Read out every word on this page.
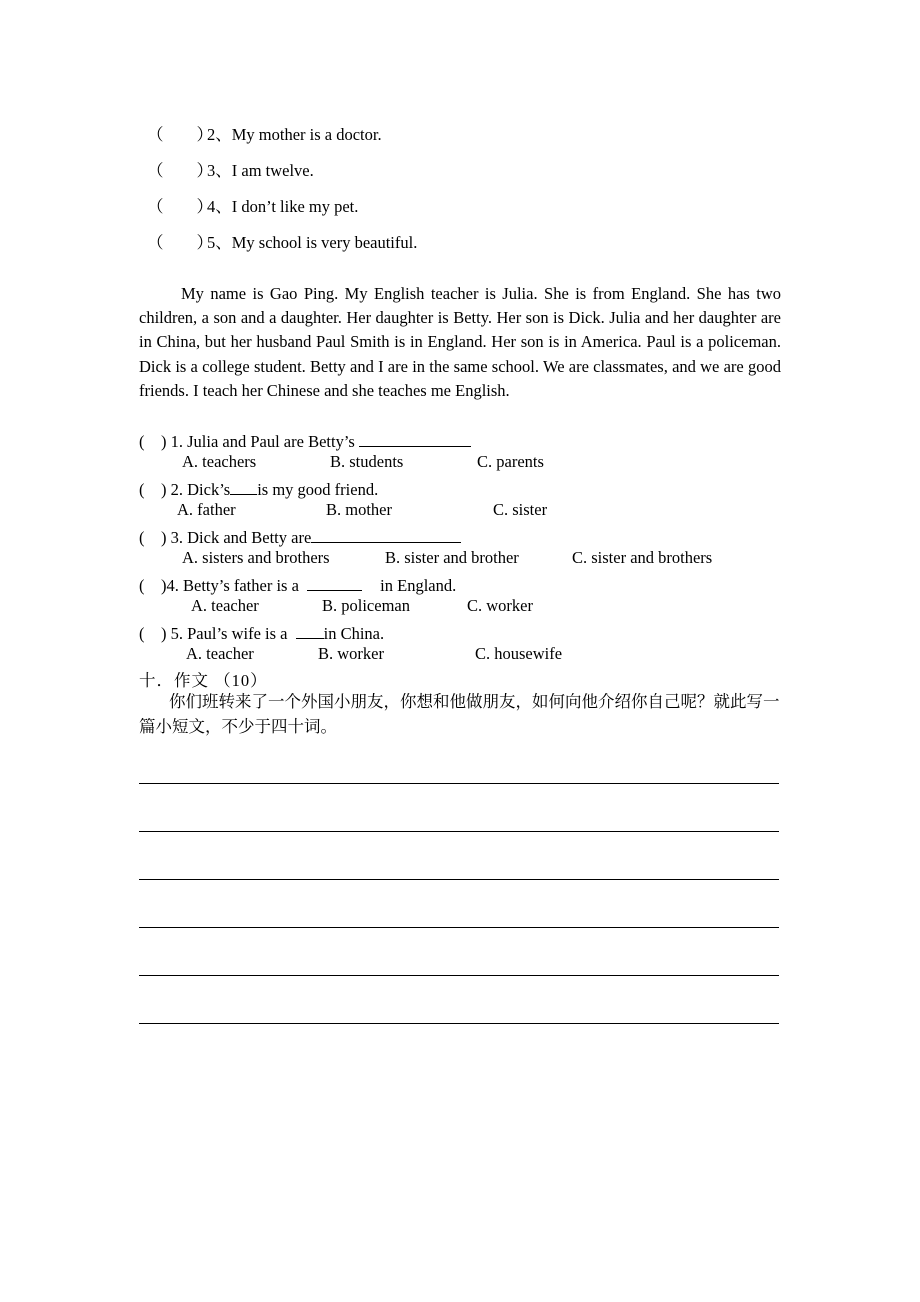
（　　）2、My mother is a doctor.
（　　）3、I am twelve.
（　　）4、I don’t like my pet.
（　　）5、My school is very beautiful.
My name is Gao Ping. My English teacher is Julia. She is from England. She has two children, a son and a daughter. Her daughter is Betty. Her son is Dick. Julia and her daughter are in China, but her husband Paul Smith is in England. Her son is in America. Paul is a policeman. Dick is a college student. Betty and I are in the same school. We are classmates, and we are good friends. I teach her Chinese and she teaches me English.
(　) 1. Julia and Paul are Betty’s
A. teachers	B. students	C. parents
(　) 2. Dick’s is my good friend.
A. father	B. mother	C. sister
(　) 3. Dick and Betty are
A. sisters and brothers	B. sister and brother	C. sister and brothers
(　)4. Betty’s father is a	in England.
A. teacher	B. policeman	C. worker
(　) 5. Paul’s wife is a in China.
A. teacher	B. worker	C. housewife
十．作文 （10）
你们班转来了一个外国小朋友，你想和他做朋友，如何向他介绍你自己呢？就此写一篇小短文，不少于四十词。
